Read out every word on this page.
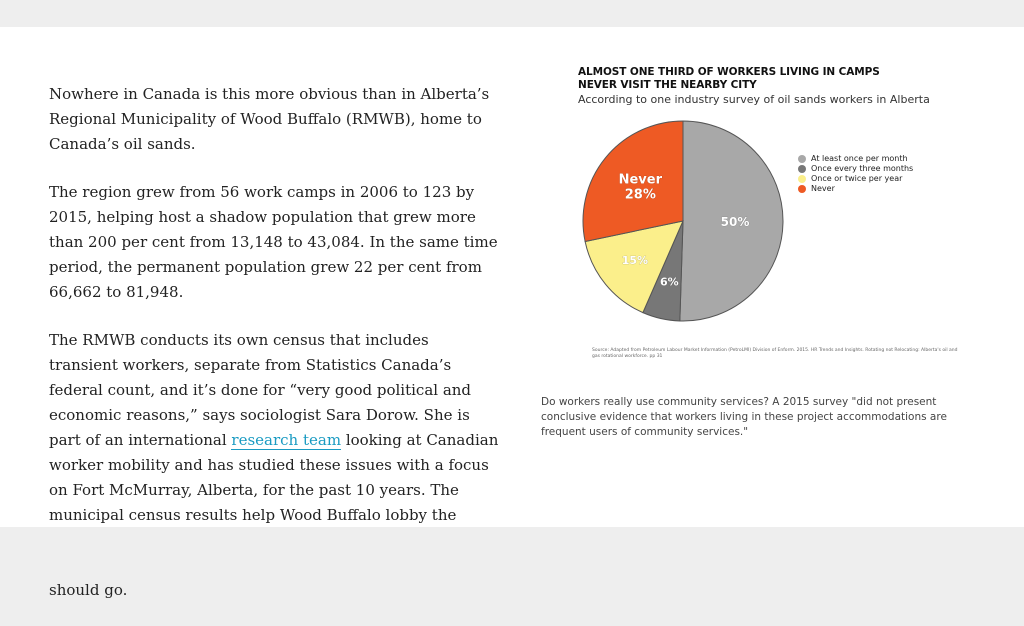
Nowhere in Canada is this more obvious than in Alberta’s Regional Municipality of Wood Buffalo (RMWB), home to Canada’s oil sands.

The region grew from 56 work camps in 2006 to 123 by 2015, helping host a shadow population that grew more than 200 per cent from 13,148 to 43,084. In the same time period, the permanent population grew 22 per cent from 66,662 to 81,948.

The RMWB conducts its own census that includes transient workers, separate from Statistics Canada’s federal count, and it’s done for “very good political and economic reasons,” says sociologist Sara Dorow. She is part of an international research team looking at Canadian worker mobility and has studied these issues with a focus on Fort McMurray, Alberta, for the past 10 years. The municipal census results help Wood Buffalo lobby the should go.

ALMOST ONE THIRD OF WORKERS LIVING IN CAMPS NEVER VISIT THE NEARBY CITY

According to one industry survey of oil sands workers in Alberta

50%
6%
15%
Never 28%
At least once per month
Once every three months
Once or twice per year
Never
Source: Adapted from Petroleum Labour Market Information (PetroLMI) Division of Enform. 2015. HR Trends and Insights. Rotating not Relocating: Alberta's oil and gas rotational workforce. pp 31
Do workers really use community services? A 2015 survey "did not present conclusive evidence that workers living in these project accommodations are frequent users of community services."
